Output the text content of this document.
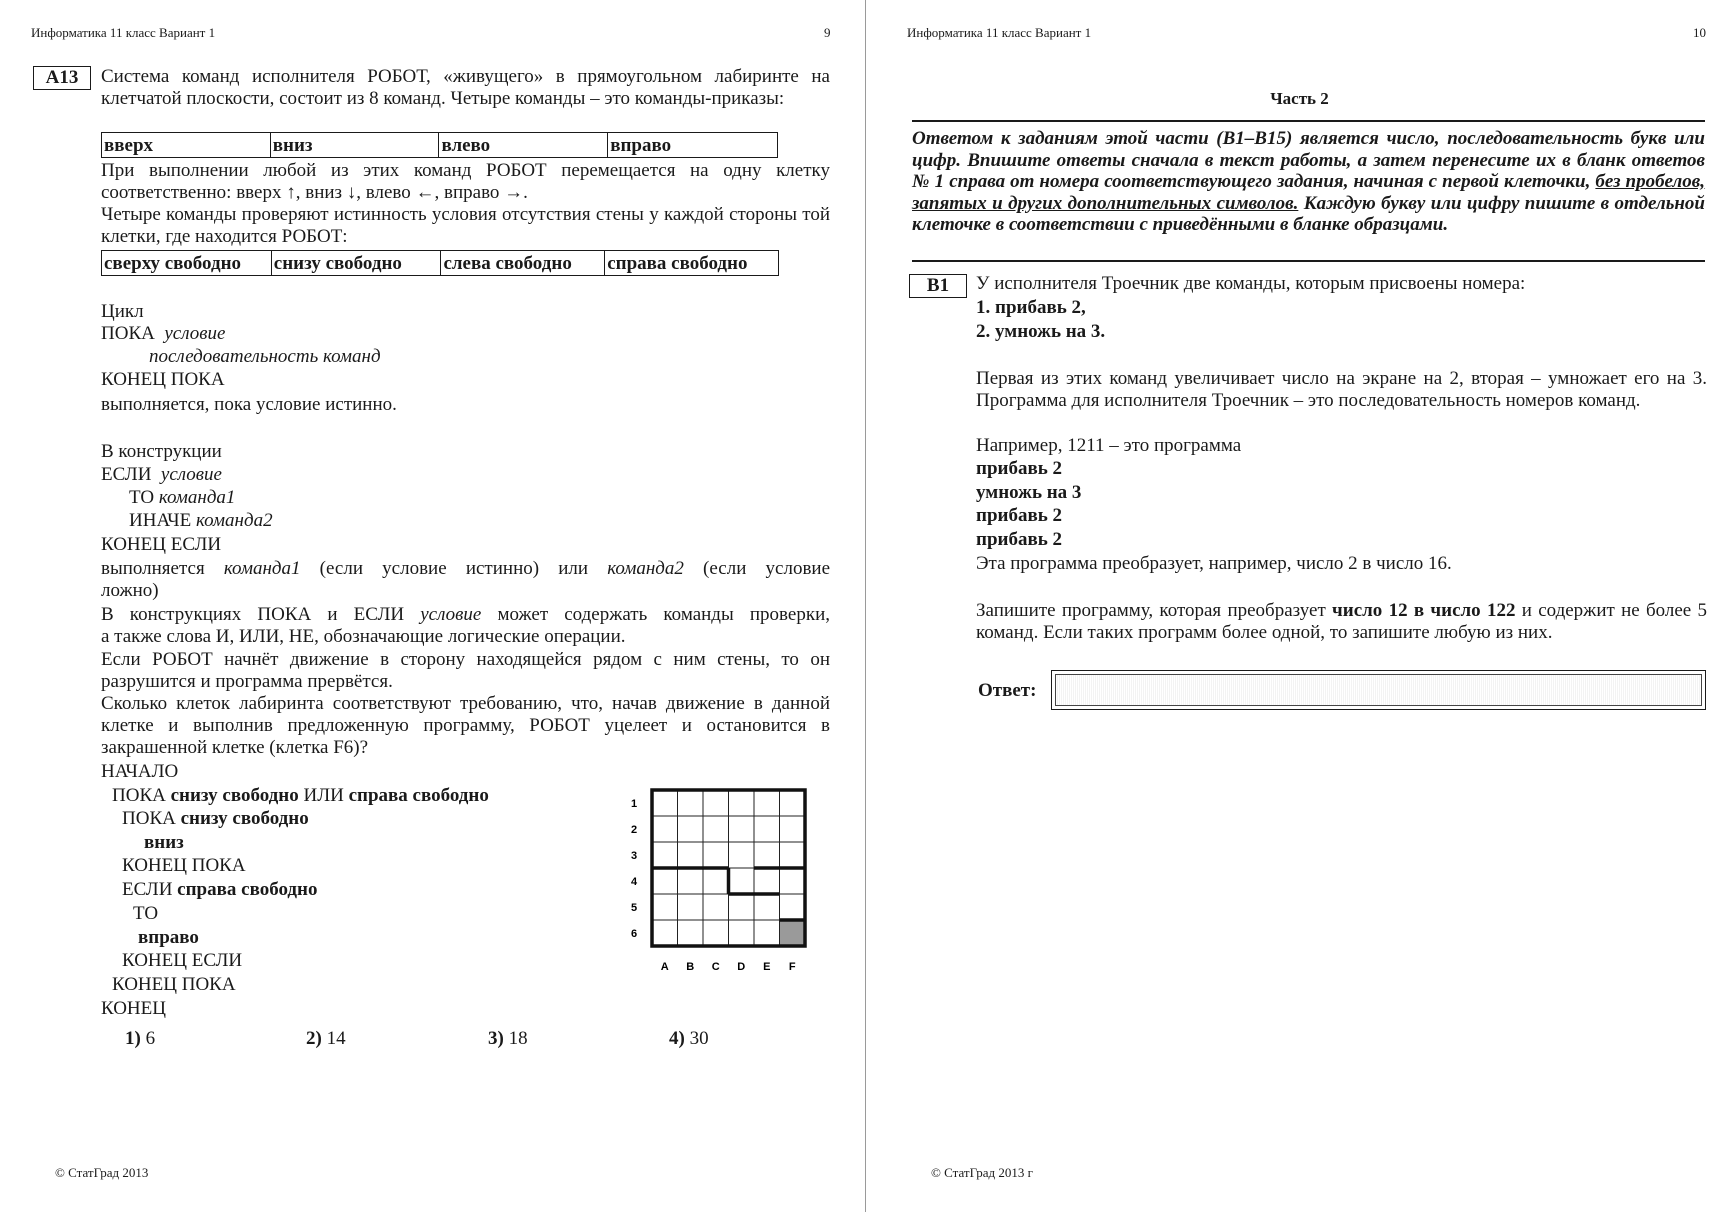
Информатика 11 класс Вариант 1	9
A13	Система команд исполнителя РОБОТ, «живущего» в прямоугольном лабиринте на клетчатой плоскости, состоит из 8 команд. Четыре команды – это команды-приказы:
вверх	вниз	влево	вправо
При выполнении любой из этих команд РОБОТ перемещается на одну клетку
соответственно: вверх ↑, вниз ↓, влево ←, вправо →.
Четыре команды проверяют истинность условия отсутствия стены у каждой стороны той клетки, где находится РОБОТ:
сверху свободно	снизу свободно	слева свободно	справа свободно
Цикл
ПОКА условие
последовательность команд
КОНЕЦ ПОКА
выполняется, пока условие истинно.
В конструкции
ЕСЛИ условие
ТО команда1
ИНАЧЕ команда2
КОНЕЦ ЕСЛИ
выполняется команда1 (если условие истинно) или команда2 (если условие
ложно)
В конструкциях ПОКА и ЕСЛИ условие может содержать команды проверки,
а также слова И, ИЛИ, НЕ, обозначающие логические операции.
Если РОБОТ начнёт движение в сторону находящейся рядом с ним стены, то он разрушится и программа прервётся.
Сколько клеток лабиринта соответствуют требованию, что, начав движение в данной клетке и выполнив предложенную программу, РОБОТ уцелеет и остановится в закрашенной клетке (клетка F6)?
НАЧАЛО
ПОКА снизу свободно ИЛИ справа свободно
ПОКА снизу свободно
вниз
КОНЕЦ ПОКА
ЕСЛИ справа свободно
ТО
вправо
КОНЕЦ ЕСЛИ
КОНЕЦ ПОКА
КОНЕЦ
1
2
3
4
5
6
A B C D E F
1) 6	2) 14	3) 18	4) 30
© СтатГрад 2013
Информатика 11 класс Вариант 1	10
Часть 2
Ответом к заданиям этой части (B1–B15) является число, последовательность букв или цифр. Впишите ответы сначала в текст работы, а затем перенесите их в бланк ответов № 1 справа от номера соответствующего задания, начиная с первой клеточки, без пробелов, запятых и других дополнительных символов. Каждую букву или цифру пишите в отдельной клеточке в соответствии с приведёнными в бланке образцами.
B1	У исполнителя Троечник две команды, которым присвоены номера:
1. прибавь 2,
2. умножь на 3.
Первая из этих команд увеличивает число на экране на 2, вторая – умножает его на 3. Программа для исполнителя Троечник – это последовательность номеров команд.
Например, 1211 – это программа
прибавь 2
умножь на 3
прибавь 2
прибавь 2
Эта программа преобразует, например, число 2 в число 16.
Запишите программу, которая преобразует число 12 в число 122 и содержит не более 5 команд. Если таких программ более одной, то запишите любую из них.
Ответ:
© СтатГрад 2013 г
